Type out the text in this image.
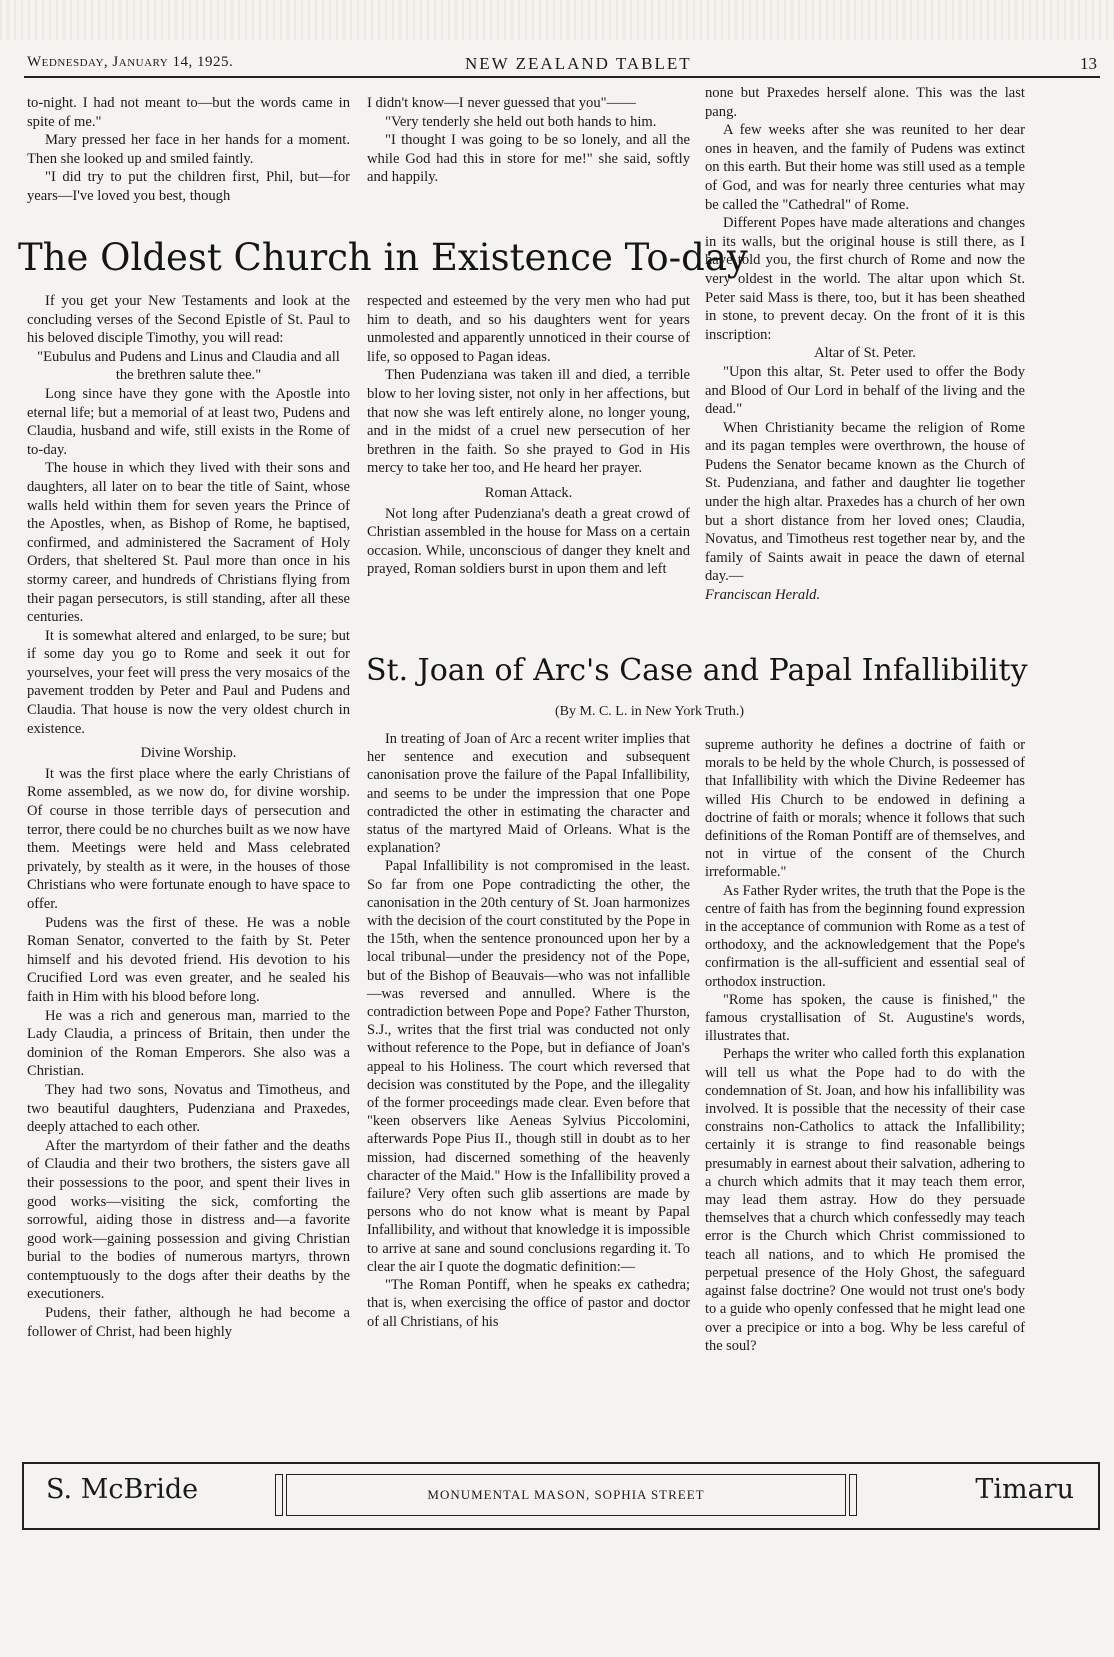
Wednesday, January 14, 1925.	NEW ZEALAND TABLET	13

to-night. I had not meant to—but the words came in spite of me."

Mary pressed her face in her hands for a moment. Then she looked up and smiled faintly.

"I did try to put the children first, Phil, but—for years—I've loved you best, though

I didn't know—I never guessed that you"——

"Very tenderly she held out both hands to him.

"I thought I was going to be so lonely, and all the while God had this in store for me!" she said, softly and happily.

The Oldest Church in Existence To-day

If you get your New Testaments and look at the concluding verses of the Second Epistle of St. Paul to his beloved disciple Timothy, you will read:

"Eubulus and Pudens and Linus and Claudia and all the brethren salute thee."

Long since have they gone with the Apostle into eternal life; but a memorial of at least two, Pudens and Claudia, husband and wife, still exists in the Rome of to-day.

The house in which they lived with their sons and daughters, all later on to bear the title of Saint, whose walls held within them for seven years the Prince of the Apostles, when, as Bishop of Rome, he baptised, confirmed, and administered the Sacrament of Holy Orders, that sheltered St. Paul more than once in his stormy career, and hundreds of Christians flying from their pagan persecutors, is still standing, after all these centuries.

It is somewhat altered and enlarged, to be sure; but if some day you go to Rome and seek it out for yourselves, your feet will press the very mosaics of the pavement trodden by Peter and Paul and Pudens and Claudia. That house is now the very oldest church in existence.

Divine Worship.

It was the first place where the early Christians of Rome assembled, as we now do, for divine worship. Of course in those terrible days of persecution and terror, there could be no churches built as we now have them. Meetings were held and Mass celebrated privately, by stealth as it were, in the houses of those Christians who were fortunate enough to have space to offer.

Pudens was the first of these. He was a noble Roman Senator, converted to the faith by St. Peter himself and his devoted friend. His devotion to his Crucified Lord was even greater, and he sealed his faith in Him with his blood before long.

He was a rich and generous man, married to the Lady Claudia, a princess of Britain, then under the dominion of the Roman Emperors. She also was a Christian.

They had two sons, Novatus and Timotheus, and two beautiful daughters, Pudenziana and Praxedes, deeply attached to each other.

After the martyrdom of their father and the deaths of Claudia and their two brothers, the sisters gave all their possessions to the poor, and spent their lives in good works—visiting the sick, comforting the sorrowful, aiding those in distress and—a favorite good work—gaining possession and giving Christian burial to the bodies of numerous martyrs, thrown contemptuously to the dogs after their deaths by the executioners.

Pudens, their father, although he had become a follower of Christ, had been highly

respected and esteemed by the very men who had put him to death, and so his daughters went for years unmolested and apparently unnoticed in their course of life, so opposed to Pagan ideas.

Then Pudenziana was taken ill and died, a terrible blow to her loving sister, not only in her affections, but that now she was left entirely alone, no longer young, and in the midst of a cruel new persecution of her brethren in the faith. So she prayed to God in His mercy to take her too, and He heard her prayer.

Roman Attack.

Not long after Pudenziana's death a great crowd of Christian assembled in the house for Mass on a certain occasion. While, unconscious of danger they knelt and prayed, Roman soldiers burst in upon them and left

none but Praxedes herself alone. This was the last pang.

A few weeks after she was reunited to her dear ones in heaven, and the family of Pudens was extinct on this earth. But their home was still used as a temple of God, and was for nearly three centuries what may be called the "Cathedral" of Rome.

Different Popes have made alterations and changes in its walls, but the original house is still there, as I have told you, the first church of Rome and now the very oldest in the world. The altar upon which St. Peter said Mass is there, too, but it has been sheathed in stone, to prevent decay. On the front of it is this inscription:

Altar of St. Peter.

"Upon this altar, St. Peter used to offer the Body and Blood of Our Lord in behalf of the living and the dead."

When Christianity became the religion of Rome and its pagan temples were overthrown, the house of Pudens the Senator became known as the Church of St. Pudenziana, and father and daughter lie together under the high altar. Praxedes has a church of her own but a short distance from her loved ones; Claudia, Novatus, and Timotheus rest together near by, and the family of Saints await in peace the dawn of eternal day.—

Franciscan Herald.

St. Joan of Arc's Case and Papal Infallibility
(By M. C. L. in New York Truth.)

In treating of Joan of Arc a recent writer implies that her sentence and execution and subsequent canonisation prove the failure of the Papal Infallibility, and seems to be under the impression that one Pope contradicted the other in estimating the character and status of the martyred Maid of Orleans. What is the explanation?

Papal Infallibility is not compromised in the least. So far from one Pope contradicting the other, the canonisation in the 20th century of St. Joan harmonizes with the decision of the court constituted by the Pope in the 15th, when the sentence pronounced upon her by a local tribunal—under the presidency not of the Pope, but of the Bishop of Beauvais—who was not infallible—was reversed and annulled. Where is the contradiction between Pope and Pope? Father Thurston, S.J., writes that the first trial was conducted not only without reference to the Pope, but in defiance of Joan's appeal to his Holiness. The court which reversed that decision was constituted by the Pope, and the illegality of the former proceedings made clear. Even before that "keen observers like Aeneas Sylvius Piccolomini, afterwards Pope Pius II., though still in doubt as to her mission, had discerned something of the heavenly character of the Maid." How is the Infallibility proved a failure? Very often such glib assertions are made by persons who do not know what is meant by Papal Infallibility, and without that knowledge it is impossible to arrive at sane and sound conclusions regarding it. To clear the air I quote the dogmatic definition:—

"The Roman Pontiff, when he speaks ex cathedra; that is, when exercising the office of pastor and doctor of all Christians, of his

supreme authority he defines a doctrine of faith or morals to be held by the whole Church, is possessed of that Infallibility with which the Divine Redeemer has willed His Church to be endowed in defining a doctrine of faith or morals; whence it follows that such definitions of the Roman Pontiff are of themselves, and not in virtue of the consent of the Church irreformable."

As Father Ryder writes, the truth that the Pope is the centre of faith has from the beginning found expression in the acceptance of communion with Rome as a test of orthodoxy, and the acknowledgement that the Pope's confirmation is the all-sufficient and essential seal of orthodox instruction.

"Rome has spoken, the cause is finished," the famous crystallisation of St. Augustine's words, illustrates that.

Perhaps the writer who called forth this explanation will tell us what the Pope had to do with the condemnation of St. Joan, and how his infallibility was involved. It is possible that the necessity of their case constrains non-Catholics to attack the Infallibility; certainly it is strange to find reasonable beings presumably in earnest about their salvation, adhering to a church which admits that it may teach them error, may lead them astray. How do they persuade themselves that a church which confessedly may teach error is the Church which Christ commissioned to teach all nations, and to which He promised the perpetual presence of the Holy Ghost, the safeguard against false doctrine? One would not trust one's body to a guide who openly confessed that he might lead one over a precipice or into a bog. Why be less careful of the soul?

S. McBride	MONUMENTAL MASON, SOPHIA STREET	Timaru
